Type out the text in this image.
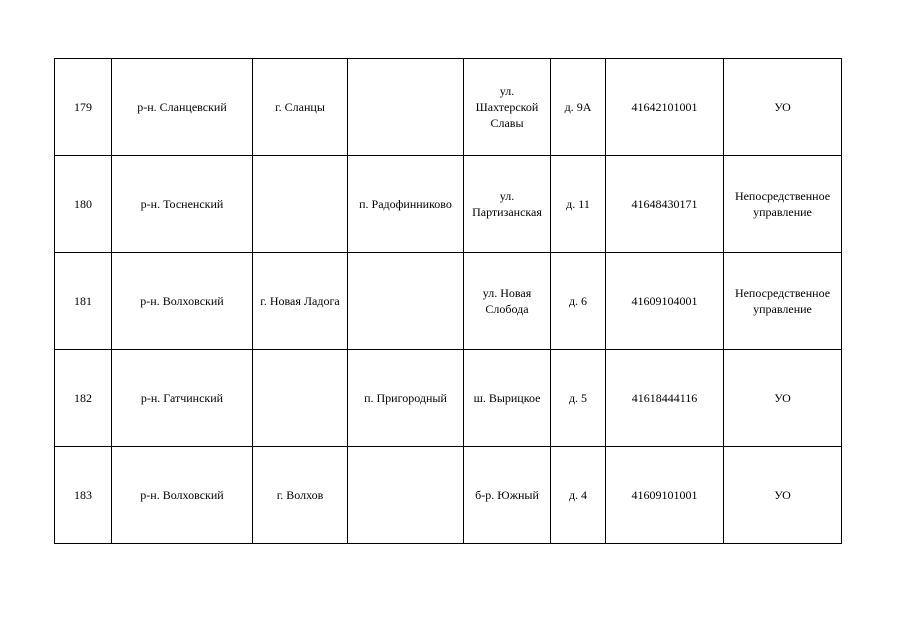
179	р-н. Сланцевский	г. Сланцы		ул. Шахтерской Славы	д. 9А	41642101001	УО
180	р-н. Тосненский		п. Радофинниково	ул. Партизанская	д. 11	41648430171	Непосредственное управление
181	р-н. Волховский	г. Новая Ладога		ул. Новая Слобода	д. 6	41609104001	Непосредственное управление
182	р-н. Гатчинский		п. Пригородный	ш. Вырицкое	д. 5	41618444116	УО
183	р-н. Волховский	г. Волхов		б-р. Южный	д. 4	41609101001	УО
